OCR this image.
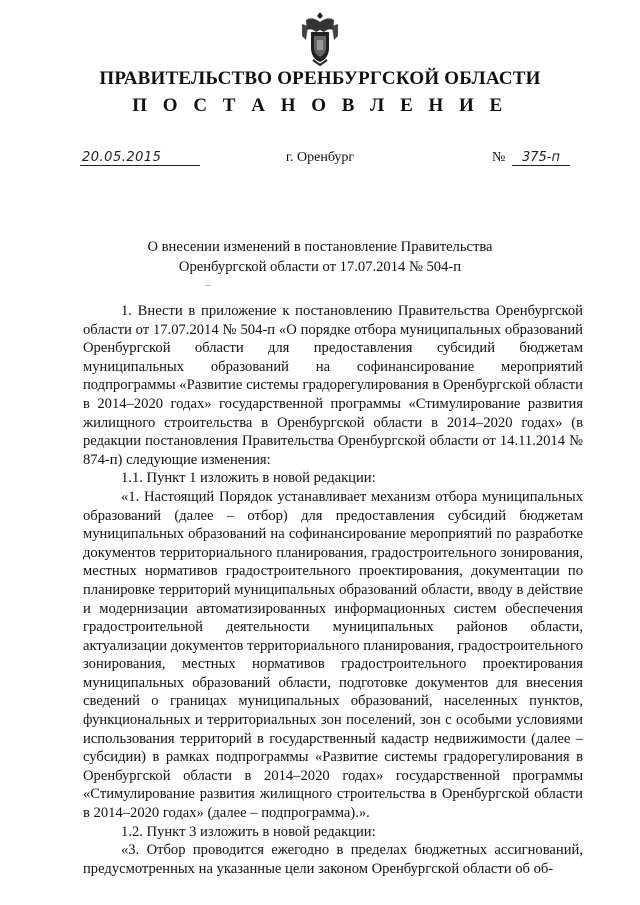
ПРАВИТЕЛЬСТВО ОРЕНБУРГСКОЙ ОБЛАСТИ
П О С Т А Н О В Л Е Н И Е
20.05.2015	г. Оренбург	№	375-п
О внесении изменений в постановление Правительства
Оренбургской области от 17.07.2014 № 504-п

1. Внести в приложение к постановлению Правительства Оренбургской области от 17.07.2014 № 504-п «О порядке отбора муниципальных образований Оренбургской области для предоставления субсидий бюджетам муниципальных образований на софинансирование мероприятий подпрограммы «Развитие системы градорегулирования в Оренбургской области в 2014–2020 годах» государственной программы «Стимулирование развития жилищного строительства в Оренбургской области в 2014–2020 годах» (в редакции постановления Правительства Оренбургской области от 14.11.2014 № 874-п) следующие изменения:

1.1. Пункт 1 изложить в новой редакции:

«1. Настоящий Порядок устанавливает механизм отбора муниципальных образований (далее – отбор) для предоставления субсидий бюджетам муниципальных образований на софинансирование мероприятий по разработке документов территориального планирования, градостроительного зонирования, местных нормативов градостроительного проектирования, документации по планировке территорий муниципальных образований области, вводу в действие и модернизации автоматизированных информационных систем обеспечения градостроительной деятельности муниципальных районов области, актуализации документов территориального планирования, градостроительного зонирования, местных нормативов градостроительного проектирования муниципальных образований области, подготовке документов для внесения сведений о границах муниципальных образований, населенных пунктов, функциональных и территориальных зон поселений, зон с особыми условиями использования территорий в государственный кадастр недвижимости (далее – субсидии) в рамках подпрограммы «Развитие системы градорегулирования в Оренбургской области в 2014–2020 годах» государственной программы «Стимулирование развития жилищного строительства в Оренбургской области в 2014–2020 годах» (далее – подпрограмма).».

1.2. Пункт 3 изложить в новой редакции:

«3. Отбор проводится ежегодно в пределах бюджетных ассигнований, предусмотренных на указанные цели законом Оренбургской области об об-
